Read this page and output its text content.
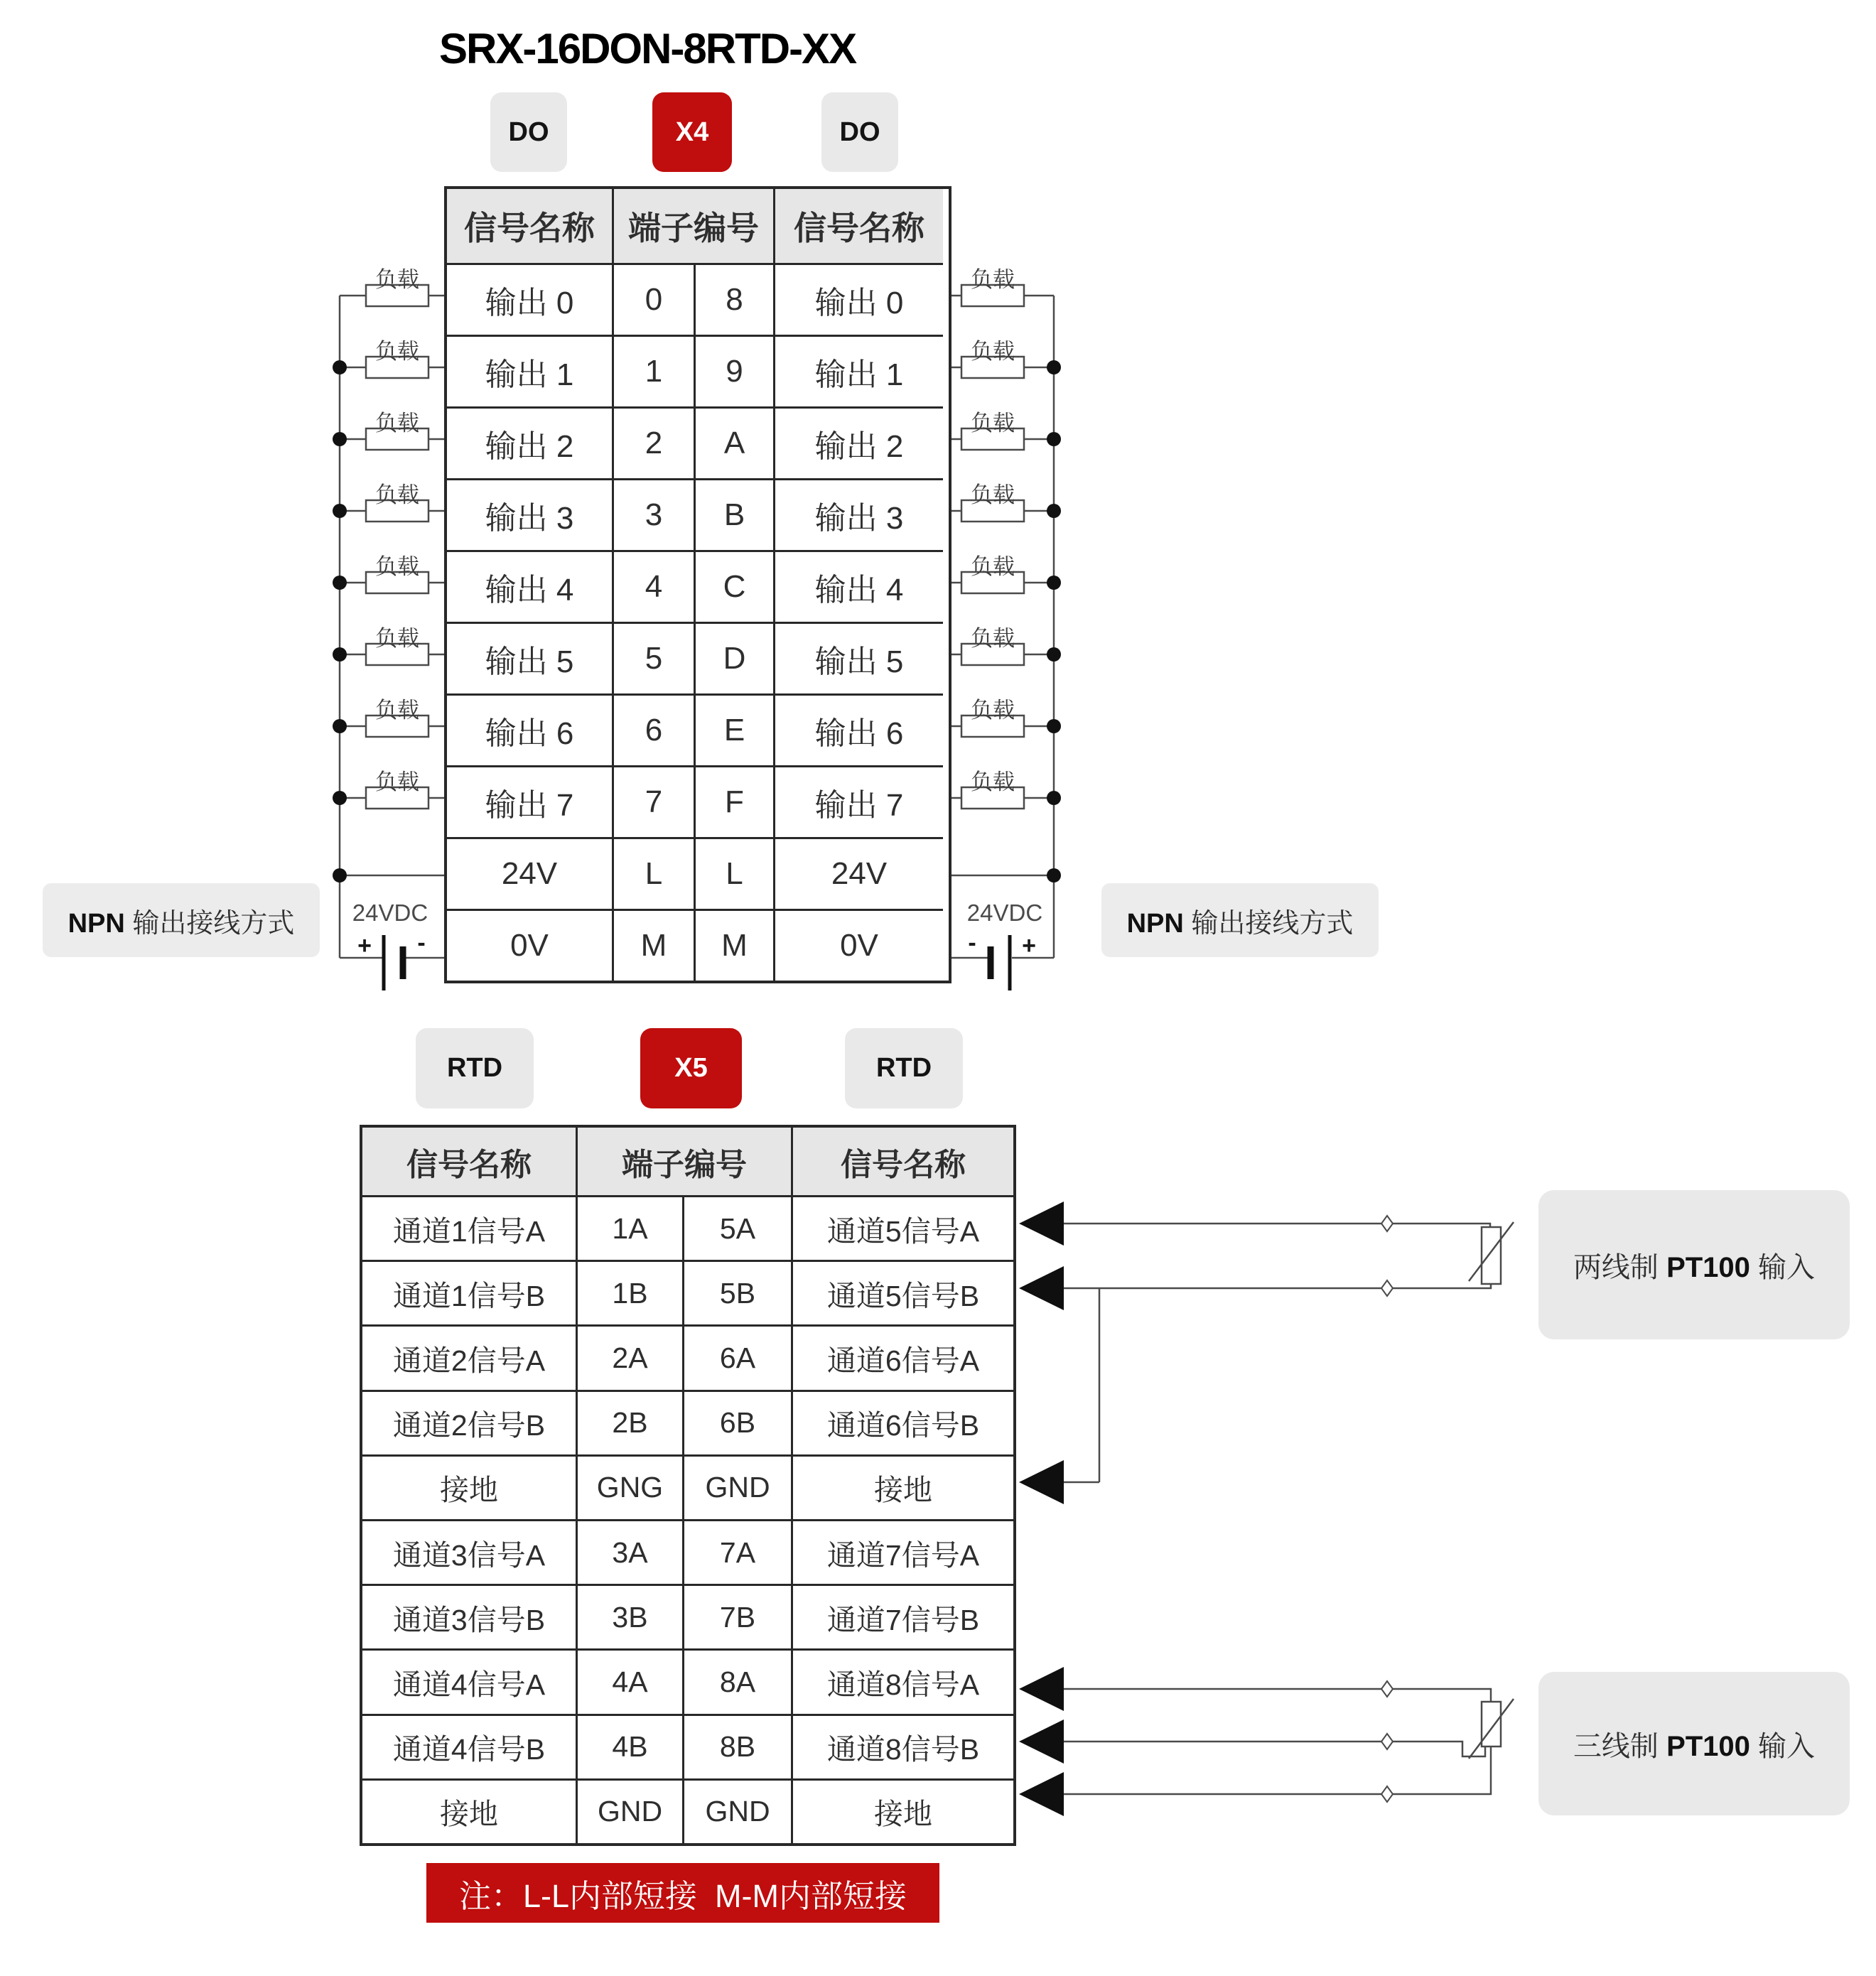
SRX-16DON-8RTD-XX
DO	X4	DO
信号名称	端子编号	信号名称
输出 0	0	8	输出 0
输出 1	1	9	输出 1
输出 2	2	A	输出 2
输出 3	3	B	输出 3
输出 4	4	C	输出 4
输出 5	5	D	输出 5
输出 6	6	E	输出 6
输出 7	7	F	输出 7
24V	L	L	24V
0V	M	M	0V
负载
负载
负载
负载
负载
负载
负载
负载
负载
负载
负载
负载
负载
负载
负载
负载
24VDC	24VDC
+ -	- +
NPN 输出接线方式	NPN 输出接线方式
RTD	X5	RTD
信号名称	端子编号	信号名称
通道1信号A	1A	5A	通道5信号A
通道1信号B	1B	5B	通道5信号B
通道2信号A	2A	6A	通道6信号A
通道2信号B	2B	6B	通道6信号B
接地	GNG	GND	接地
通道3信号A	3A	7A	通道7信号A
通道3信号B	3B	7B	通道7信号B
通道4信号A	4A	8A	通道8信号A
通道4信号B	4B	8B	通道8信号B
接地	GND	GND	接地
两线制 PT100 输入
三线制 PT100 输入
注：L-L内部短接  M-M内部短接
